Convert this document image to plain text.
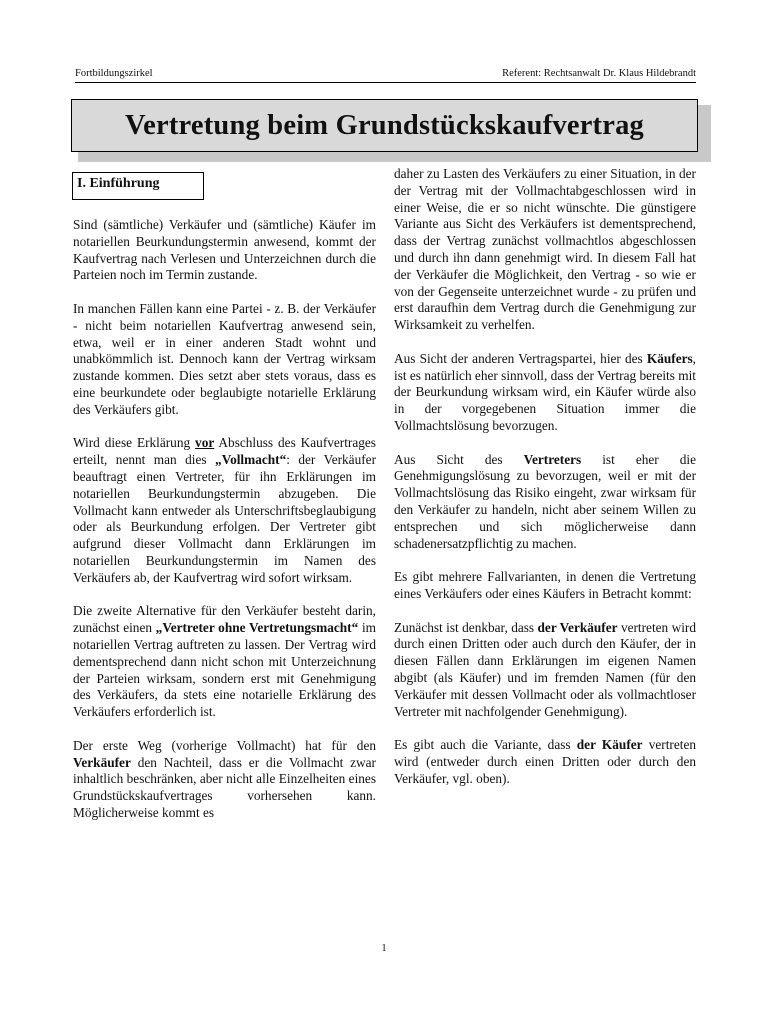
Fortbildungszirkel	Referent: Rechtsanwalt Dr. Klaus Hildebrandt
Vertretung beim Grundstückskaufvertrag
I. Einführung

Sind (sämtliche) Verkäufer und (sämtliche) Käufer im notariellen Beurkundungstermin anwesend, kommt der Kaufvertrag nach Verlesen und Unterzeichnen durch die Parteien noch im Termin zustande.

In manchen Fällen kann eine Partei - z. B. der Verkäufer - nicht beim notariellen Kaufvertrag anwesend sein, etwa, weil er in einer anderen Stadt wohnt und unabkömmlich ist. Dennoch kann der Vertrag wirksam zustande kommen. Dies setzt aber stets voraus, dass es eine beurkundete oder beglaubigte notarielle Erklärung des Verkäufers gibt.

Wird diese Erklärung vor Abschluss des Kaufvertrages erteilt, nennt man dies „Vollmacht“: der Verkäufer beauftragt einen Vertreter, für ihn Erklärungen im notariellen Beurkundungstermin abzugeben. Die Vollmacht kann entweder als Unterschriftsbeglaubigung oder als Beurkundung erfolgen. Der Vertreter gibt aufgrund dieser Vollmacht dann Erklärungen im notariellen Beurkundungstermin im Namen des Verkäufers ab, der Kaufvertrag wird sofort wirksam.

Die zweite Alternative für den Verkäufer besteht darin, zunächst einen „Vertreter ohne Vertretungsmacht“ im notariellen Vertrag auftreten zu lassen. Der Vertrag wird dementsprechend dann nicht schon mit Unterzeichnung der Parteien wirksam, sondern erst mit Genehmigung des Verkäufers, da stets eine notarielle Erklärung des Verkäufers erforderlich ist.

Der erste Weg (vorherige Vollmacht) hat für den Verkäufer den Nachteil, dass er die Vollmacht zwar inhaltlich beschränken, aber nicht alle Einzelheiten eines Grundstückskaufvertrages vorhersehen kann. Möglicherweise kommt es

daher zu Lasten des Verkäufers zu einer Situation, in der der Vertrag mit der Vollmachtabgeschlossen wird in einer Weise, die er so nicht wünschte. Die günstigere Variante aus Sicht des Verkäufers ist dementsprechend, dass der Vertrag zunächst vollmachtlos abgeschlossen und durch ihn dann genehmigt wird. In diesem Fall hat der Verkäufer die Möglichkeit, den Vertrag - so wie er von der Gegenseite unterzeichnet wurde - zu prüfen und erst daraufhin dem Vertrag durch die Genehmigung zur Wirksamkeit zu verhelfen.

Aus Sicht der anderen Vertragspartei, hier des Käufers, ist es natürlich eher sinnvoll, dass der Vertrag bereits mit der Beurkundung wirksam wird, ein Käufer würde also in der vorgegebenen Situation immer die Vollmachtslösung bevorzugen.

Aus Sicht des Vertreters ist eher die Genehmigungslösung zu bevorzugen, weil er mit der Vollmachtslösung das Risiko eingeht, zwar wirksam für den Verkäufer zu handeln, nicht aber seinem Willen zu entsprechen und sich möglicherweise dann schadenersatzpflichtig zu machen.

Es gibt mehrere Fallvarianten, in denen die Vertretung eines Verkäufers oder eines Käufers in Betracht kommt:

Zunächst ist denkbar, dass der Verkäufer vertreten wird durch einen Dritten oder auch durch den Käufer, der in diesen Fällen dann Erklärungen im eigenen Namen abgibt (als Käufer) und im fremden Namen (für den Verkäufer mit dessen Vollmacht oder als vollmachtloser Vertreter mit nachfolgender Genehmigung).

Es gibt auch die Variante, dass der Käufer vertreten wird (entweder durch einen Dritten oder durch den Verkäufer, vgl. oben).

1
